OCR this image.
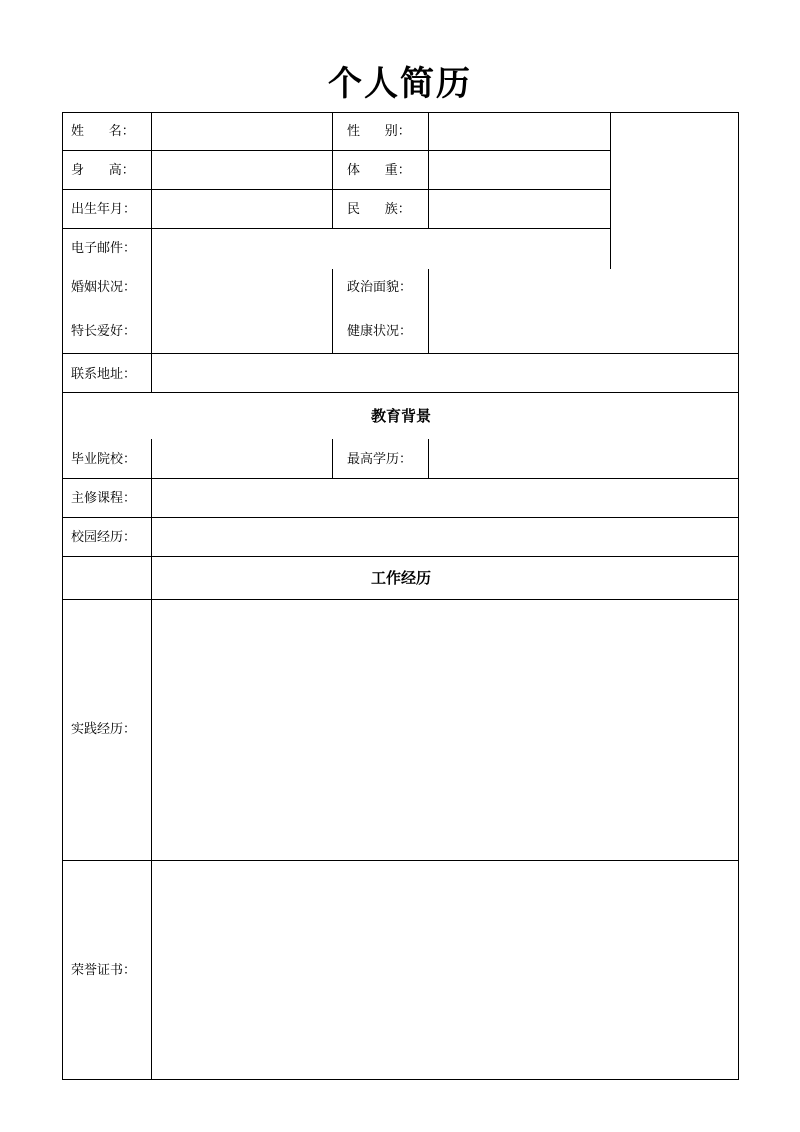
个人简历
姓      名：	性      别：
身      高：	体      重：
出生年月：	民      族：
电子邮件：
婚姻状况：	政治面貌：
特长爱好：	健康状况：
联系地址：
教育背景
毕业院校：	最高学历：
主修课程：
校园经历：
工作经历
实践经历：
荣誉证书：
